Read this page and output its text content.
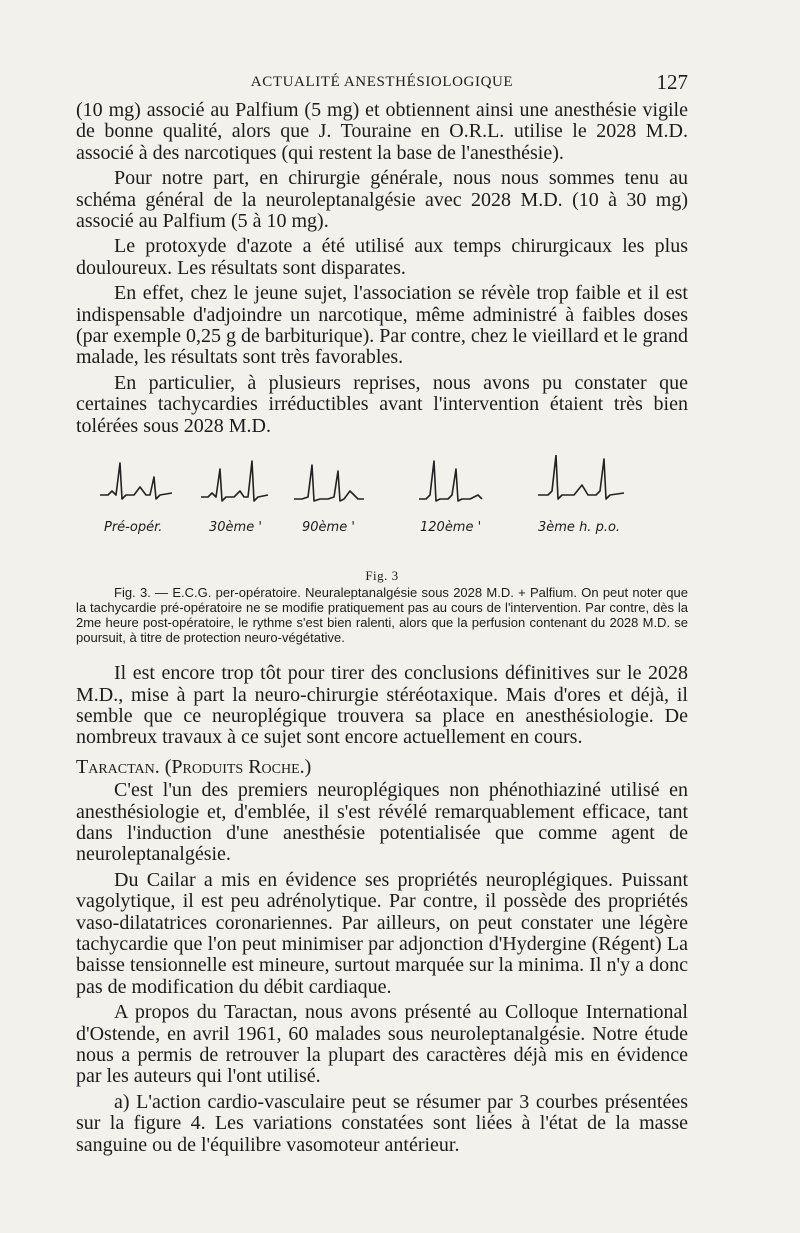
ACTUALITÉ ANESTHÉSIOLOGIQUE	127

(10 mg) associé au Palfium (5 mg) et obtiennent ainsi une anesthésie vigile de bonne qualité, alors que J. Touraine en O.R.L. utilise le 2028 M.D. associé à des narcotiques (qui restent la base de l'anesthésie).

Pour notre part, en chirurgie générale, nous nous sommes tenu au schéma général de la neuroleptanalgésie avec 2028 M.D. (10 à 30 mg) associé au Palfium (5 à 10 mg).

Le protoxyde d'azote a été utilisé aux temps chirurgicaux les plus douloureux. Les résultats sont disparates.

En effet, chez le jeune sujet, l'association se révèle trop faible et il est indispensable d'adjoindre un narcotique, même administré à faibles doses (par exemple 0,25 g de barbiturique). Par contre, chez le vieillard et le grand malade, les résultats sont très favorables.

En particulier, à plusieurs reprises, nous avons pu constater que certaines tachycardies irréductibles avant l'intervention étaient très bien tolérées sous 2028 M.D.

Pré-opér.	30ème '	90ème '	120ème '	3ème h. p.o.
Fig. 3

Fig. 3. — E.C.G. per-opératoire. Neuraleptanalgésie sous 2028 M.D. + Palfium. On peut noter que la tachycardie pré-opératoire ne se modifie pratiquement pas au cours de l'intervention. Par contre, dès la 2me heure post-opératoire, le rythme s'est bien ralenti, alors que la perfusion contenant du 2028 M.D. se poursuit, à titre de protection neuro-végétative.

Il est encore trop tôt pour tirer des conclusions définitives sur le 2028 M.D., mise à part la neuro-chirurgie stéréotaxique. Mais d'ores et déjà, il semble que ce neuroplégique trouvera sa place en anesthésiologie. De nombreux travaux à ce sujet sont encore actuellement en cours.

Taractan. (Produits Roche.)

C'est l'un des premiers neuroplégiques non phénothiaziné utilisé en anesthésiologie et, d'emblée, il s'est révélé remarquablement efficace, tant dans l'induction d'une anesthésie potentialisée que comme agent de neuroleptanalgésie.

Du Cailar a mis en évidence ses propriétés neuroplégiques. Puissant vagolytique, il est peu adrénolytique. Par contre, il possède des propriétés vaso-dilatatrices coronariennes. Par ailleurs, on peut constater une légère tachycardie que l'on peut minimiser par adjonction d'Hydergine (Régent) La baisse tensionnelle est mineure, surtout marquée sur la minima. Il n'y a donc pas de modification du débit cardiaque.

A propos du Taractan, nous avons présenté au Colloque International d'Ostende, en avril 1961, 60 malades sous neuroleptanalgésie. Notre étude nous a permis de retrouver la plupart des caractères déjà mis en évidence par les auteurs qui l'ont utilisé.

a) L'action cardio-vasculaire peut se résumer par 3 courbes présentées sur la figure 4. Les variations constatées sont liées à l'état de la masse sanguine ou de l'équilibre vasomoteur antérieur.
